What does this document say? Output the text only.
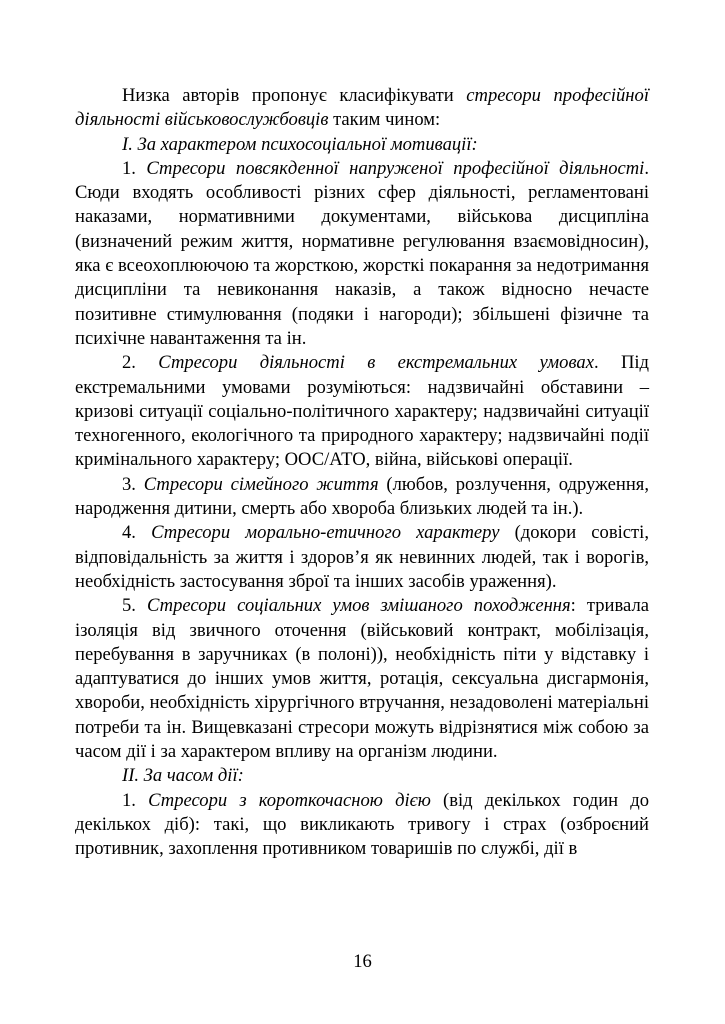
Низка авторів пропонує класифікувати стресори професійної діяльності військовослужбовців таким чином:

I. За характером психосоціальної мотивації:

1. Стресори повсякденної напруженої професійної діяльності. Сюди входять особливості різних сфер діяльності, регламентовані наказами, нормативними документами, військова дисципліна (визначений режим життя, нормативне регулювання взаємовідносин), яка є всеохоплюючою та жорсткою, жорсткі покарання за недотримання дисципліни та невиконання наказів, а також відносно нечасте позитивне стимулювання (подяки і нагороди); збільшені фізичне та психічне навантаження та ін.

2. Стресори діяльності в екстремальних умовах. Під екстремальними умовами розуміються: надзвичайні обставини – кризові ситуації соціально-політичного характеру; надзвичайні ситуації техногенного, екологічного та природного характеру; надзвичайні події кримінального характеру; ООС/АТО, війна, військові операції.

3. Стресори сімейного життя (любов, розлучення, одруження, народження дитини, смерть або хвороба близьких людей та ін.).

4. Стресори морально-етичного характеру (докори совісті, відповідальність за життя і здоров’я як невинних людей, так і ворогів, необхідність застосування зброї та інших засобів ураження).

5. Стресори соціальних умов змішаного походження: тривала ізоляція від звичного оточення (військовий контракт, мобілізація, перебування в заручниках (в полоні)), необхідність піти у відставку і адаптуватися до інших умов життя, ротація, сексуальна дисгармонія, хвороби, необхідність хірургічного втручання, незадоволені матеріальні потреби та ін. Вищевказані стресори можуть відрізнятися між собою за часом дії і за характером впливу на організм людини.

II. За часом дії:

1. Стресори з короткочасною дією (від декількох годин до декількох діб): такі, що викликають тривогу і страх (озброєний противник, захоплення противником товаришів по службі, дії в

16
